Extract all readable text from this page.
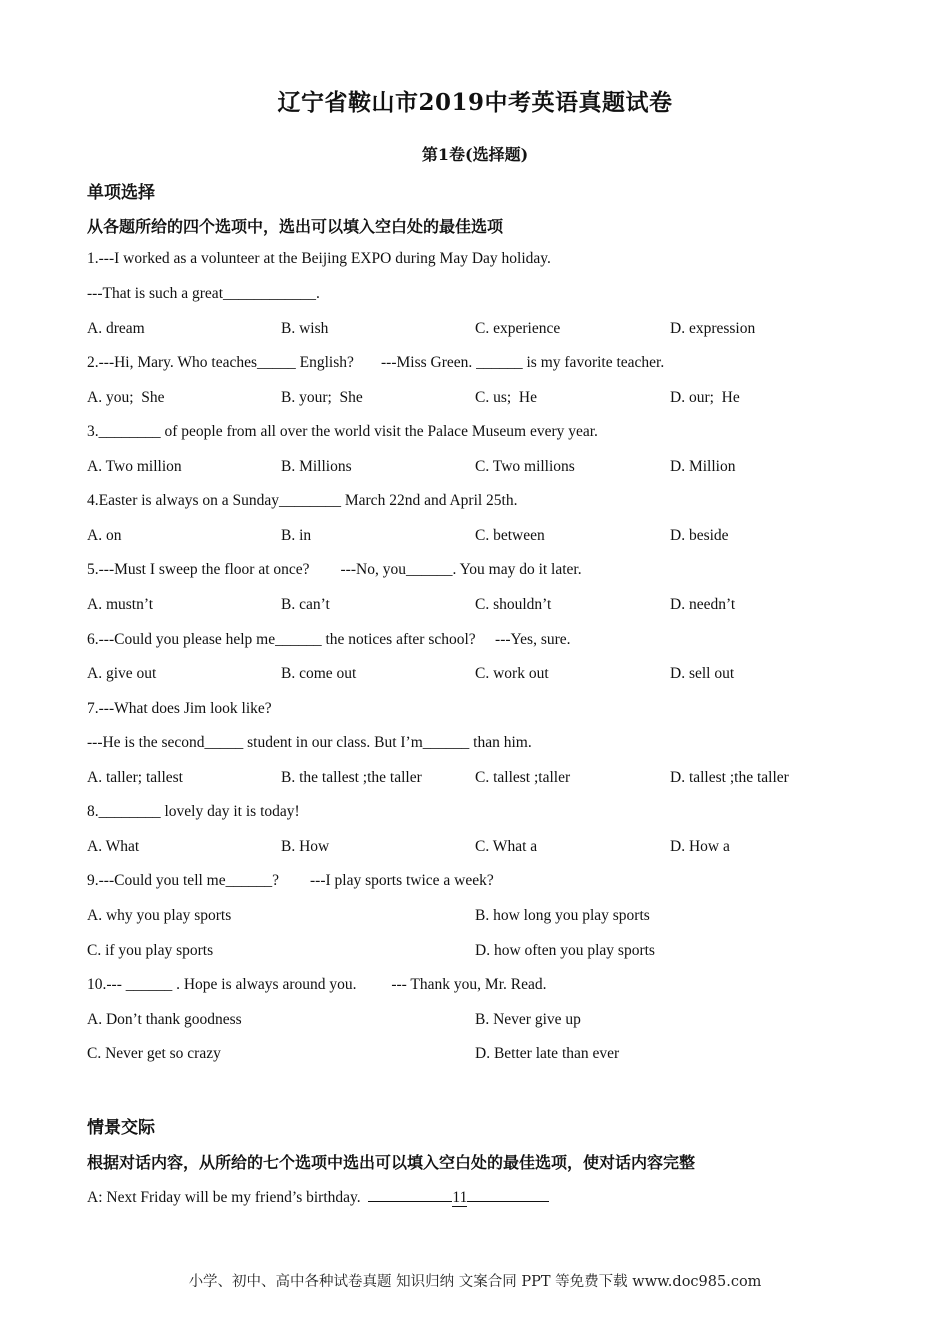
辽宁省鞍山市2019中考英语真题试卷
第1卷(选择题)
单项选择
从各题所给的四个选项中，选出可以填入空白处的最佳选项
1.---I worked as a volunteer at the Beijing EXPO during May Day holiday.
---That is such a great____________.
A. dream	B. wish	C. experience	D. expression
2.---Hi, Mary. Who teaches_____ English?       ---Miss Green. ______ is my favorite teacher.
A. you;  She	B. your;  She	C. us;  He	D. our;  He
3.________ of people from all over the world visit the Palace Museum every year.
A. Two million	B. Millions	C. Two millions	D. Million
4.Easter is always on a Sunday________ March 22nd and April 25th.
A. on	B. in	C. between	D. beside
5.---Must I sweep the floor at once?        ---No, you______. You may do it later.
A. mustn’t	B. can’t	C. shouldn’t	D. needn’t
6.---Could you please help me______ the notices after school?     ---Yes, sure.
A. give out	B. come out	C. work out	D. sell out
7.---What does Jim look like?
---He is the second_____ student in our class. But I’m______ than him.
A. taller; tallest	B. the tallest ;the taller	C. tallest ;taller	D. tallest ;the taller
8.________ lovely day it is today!
A. What	B. How	C. What a	D. How a
9.---Could you tell me______?        ---I play sports twice a week?
A. why you play sports	B. how long you play sports
C. if you play sports	D. how often you play sports
10.--- ______ . Hope is always around you.         --- Thank you, Mr. Read.
A. Don’t thank goodness	B. Never give up
C. Never get so crazy	D. Better late than ever
情景交际
根据对话内容，从所给的七个选项中选出可以填入空白处的最佳选项，使对话内容完整
A: Next Friday will be my friend’s birthday.	11
小学、初中、高中各种试卷真题 知识归纳 文案合同 PPT 等免费下载 www.doc985.com
